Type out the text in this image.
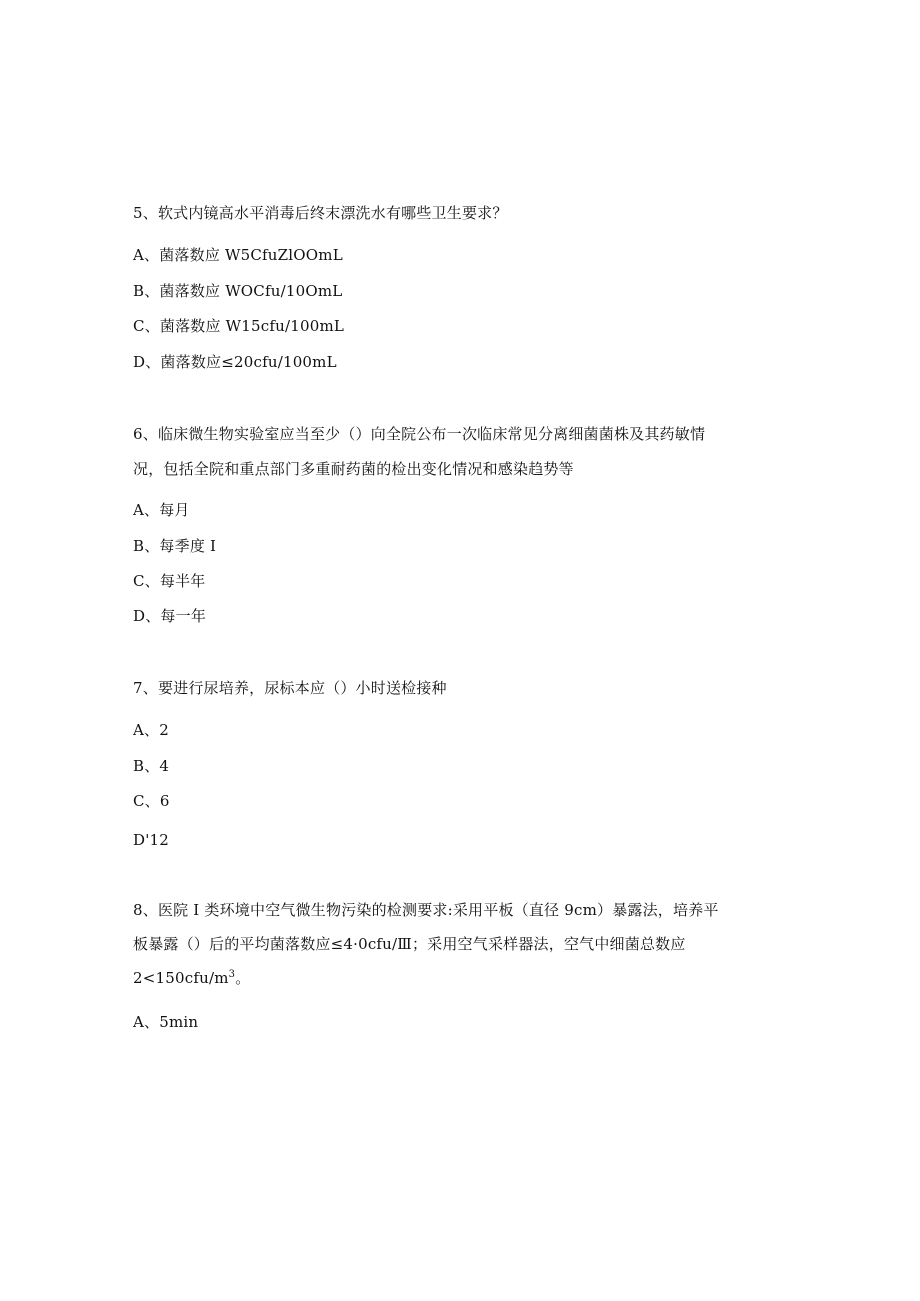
5、软式内镜高水平消毒后终末漂洗水有哪些卫生要求？
A、菌落数应 W5CfuZlOOmL
B、菌落数应 WOCfu/10OmL
C、菌落数应 W15cfu/100mL
D、菌落数应≤20cfu/100mL
6、临床微生物实验室应当至少（）向全院公布一次临床常见分离细菌菌株及其药敏情
况，包括全院和重点部门多重耐药菌的检出变化情况和感染趋势等
A、每月
B、每季度 I
C、每半年
D、每一年
7、要进行尿培养，尿标本应（）小时送检接种
A、2
B、4
C、6
D'12
8、医院 I 类环境中空气微生物污染的检测要求:采用平板（直径 9cm）暴露法，培养平
板暴露（）后的平均菌落数应≤4·0cfu/Ⅲ；采用空气采样器法，空气中细菌总数应
$2<150cfu/m^3$。
A、5min
